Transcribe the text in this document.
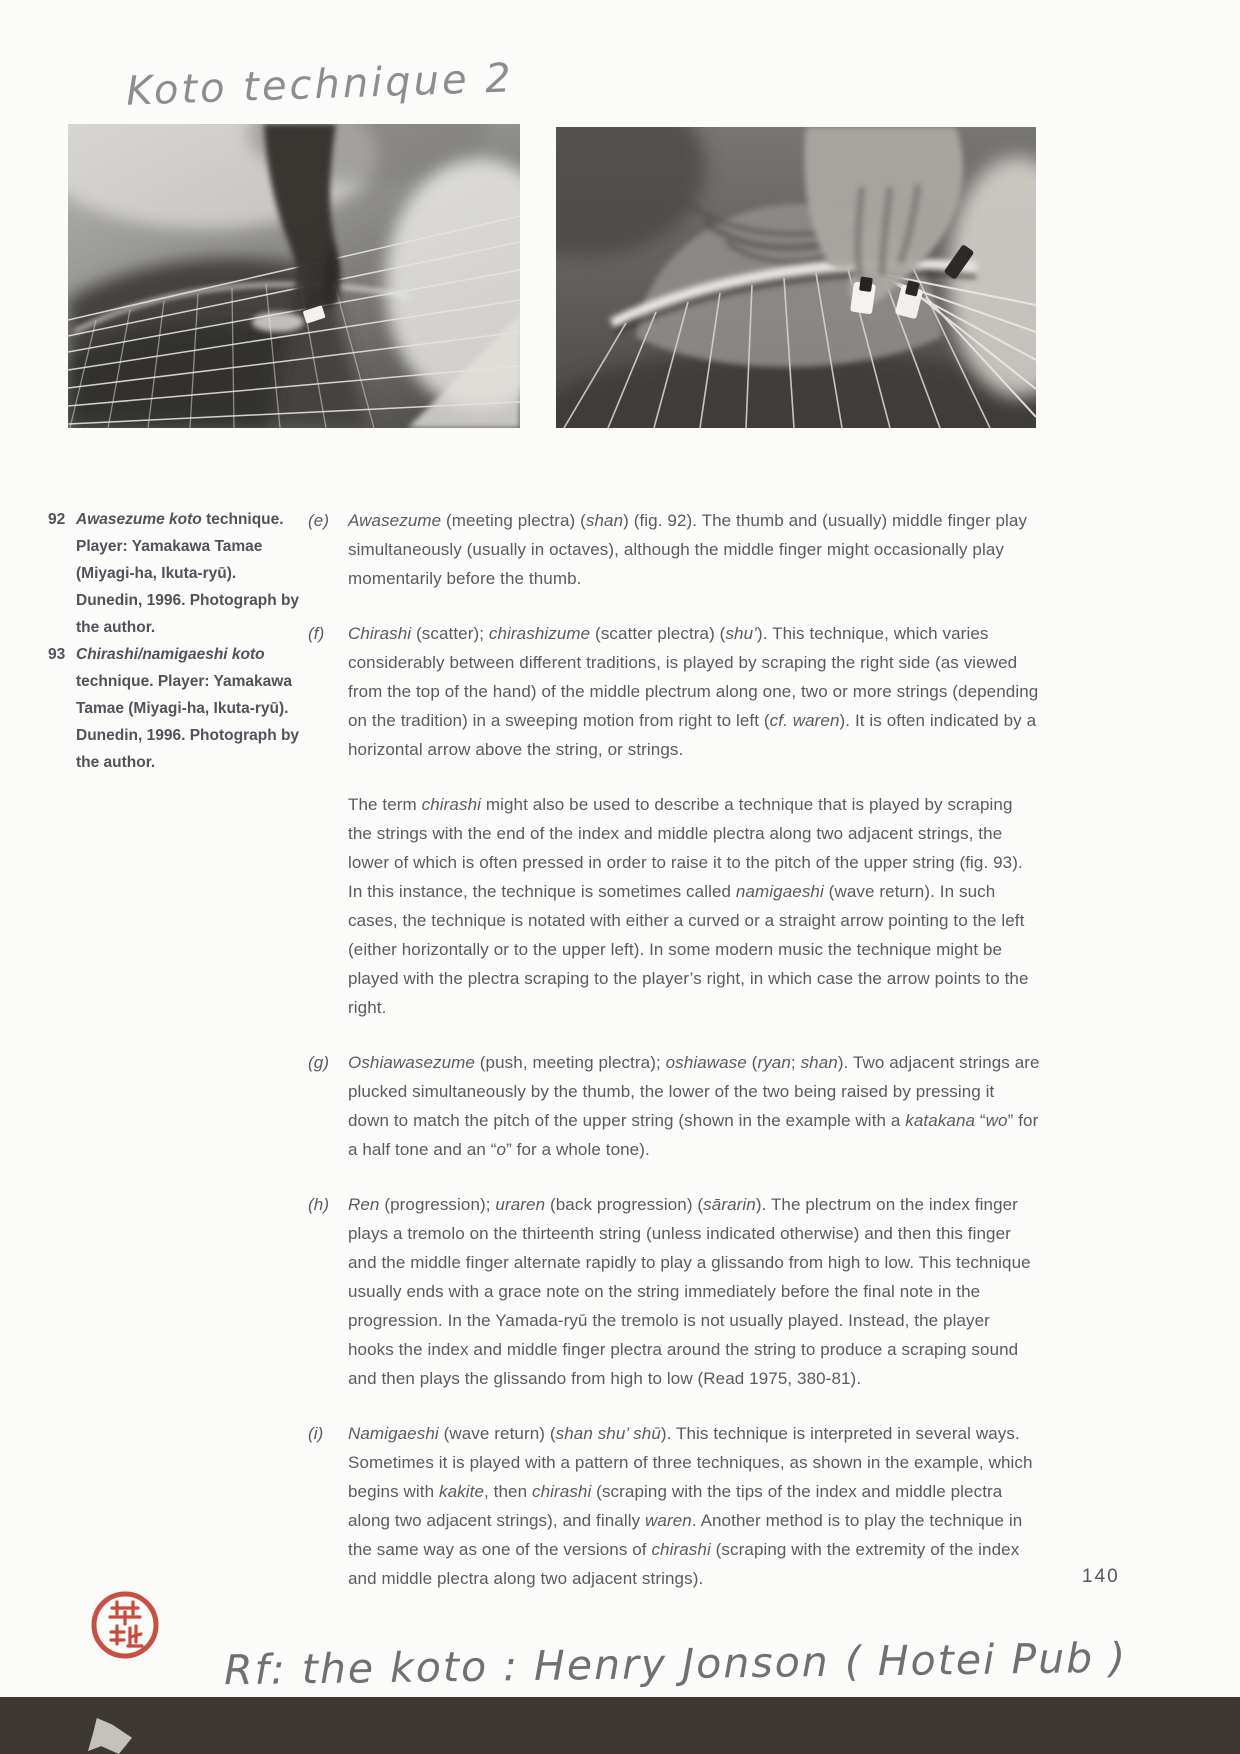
Koto technique 2
92 Awasezume koto technique. Player: Yamakawa Tamae (Miyagi-ha, Ikuta-ryū). Dunedin, 1996. Photograph by the author.
93 Chirashi/namigaeshi koto technique. Player: Yamakawa Tamae (Miyagi-ha, Ikuta-ryū). Dunedin, 1996. Photograph by the author.
(e)	Awasezume (meeting plectra) (shan) (fig. 92). The thumb and (usually) middle finger play simultaneously (usually in octaves), although the middle finger might occasionally play momentarily before the thumb.
(f)	Chirashi (scatter); chirashizume (scatter plectra) (shu’). This technique, which varies considerably between different traditions, is played by scraping the right side (as viewed from the top of the hand) of the middle plectrum along one, two or more strings (depending on the tradition) in a sweeping motion from right to left (cf. waren). It is often indicated by a horizontal arrow above the string, or strings.
The term chirashi might also be used to describe a technique that is played by scraping the strings with the end of the index and middle plectra along two adjacent strings, the lower of which is often pressed in order to raise it to the pitch of the upper string (fig. 93). In this instance, the technique is sometimes called namigaeshi (wave return). In such cases, the technique is notated with either a curved or a straight arrow pointing to the left (either horizontally or to the upper left). In some modern music the technique might be played with the plectra scraping to the player’s right, in which case the arrow points to the right.
(g)	Oshiawasezume (push, meeting plectra); oshiawase (ryan; shan). Two adjacent strings are plucked simultaneously by the thumb, the lower of the two being raised by pressing it down to match the pitch of the upper string (shown in the example with a katakana “wo” for a half tone and an “o” for a whole tone).
(h)	Ren (progression); uraren (back progression) (sārarin). The plectrum on the index finger plays a tremolo on the thirteenth string (unless indicated otherwise) and then this finger and the middle finger alternate rapidly to play a glissando from high to low. This technique usually ends with a grace note on the string immediately before the final note in the progression. In the Yamada-ryū the tremolo is not usually played. Instead, the player hooks the index and middle finger plectra around the string to produce a scraping sound and then plays the glissando from high to low (Read 1975, 380-81).
(i)	Namigaeshi (wave return) (shan shu’ shū). This technique is interpreted in several ways. Sometimes it is played with a pattern of three techniques, as shown in the example, which begins with kakite, then chirashi (scraping with the tips of the index and middle plectra along two adjacent strings), and finally waren. Another method is to play the technique in the same way as one of the versions of chirashi (scraping with the extremity of the index and middle plectra along two adjacent strings).	140
Rf: the koto : Henry Jonson ( Hotei Pub )
